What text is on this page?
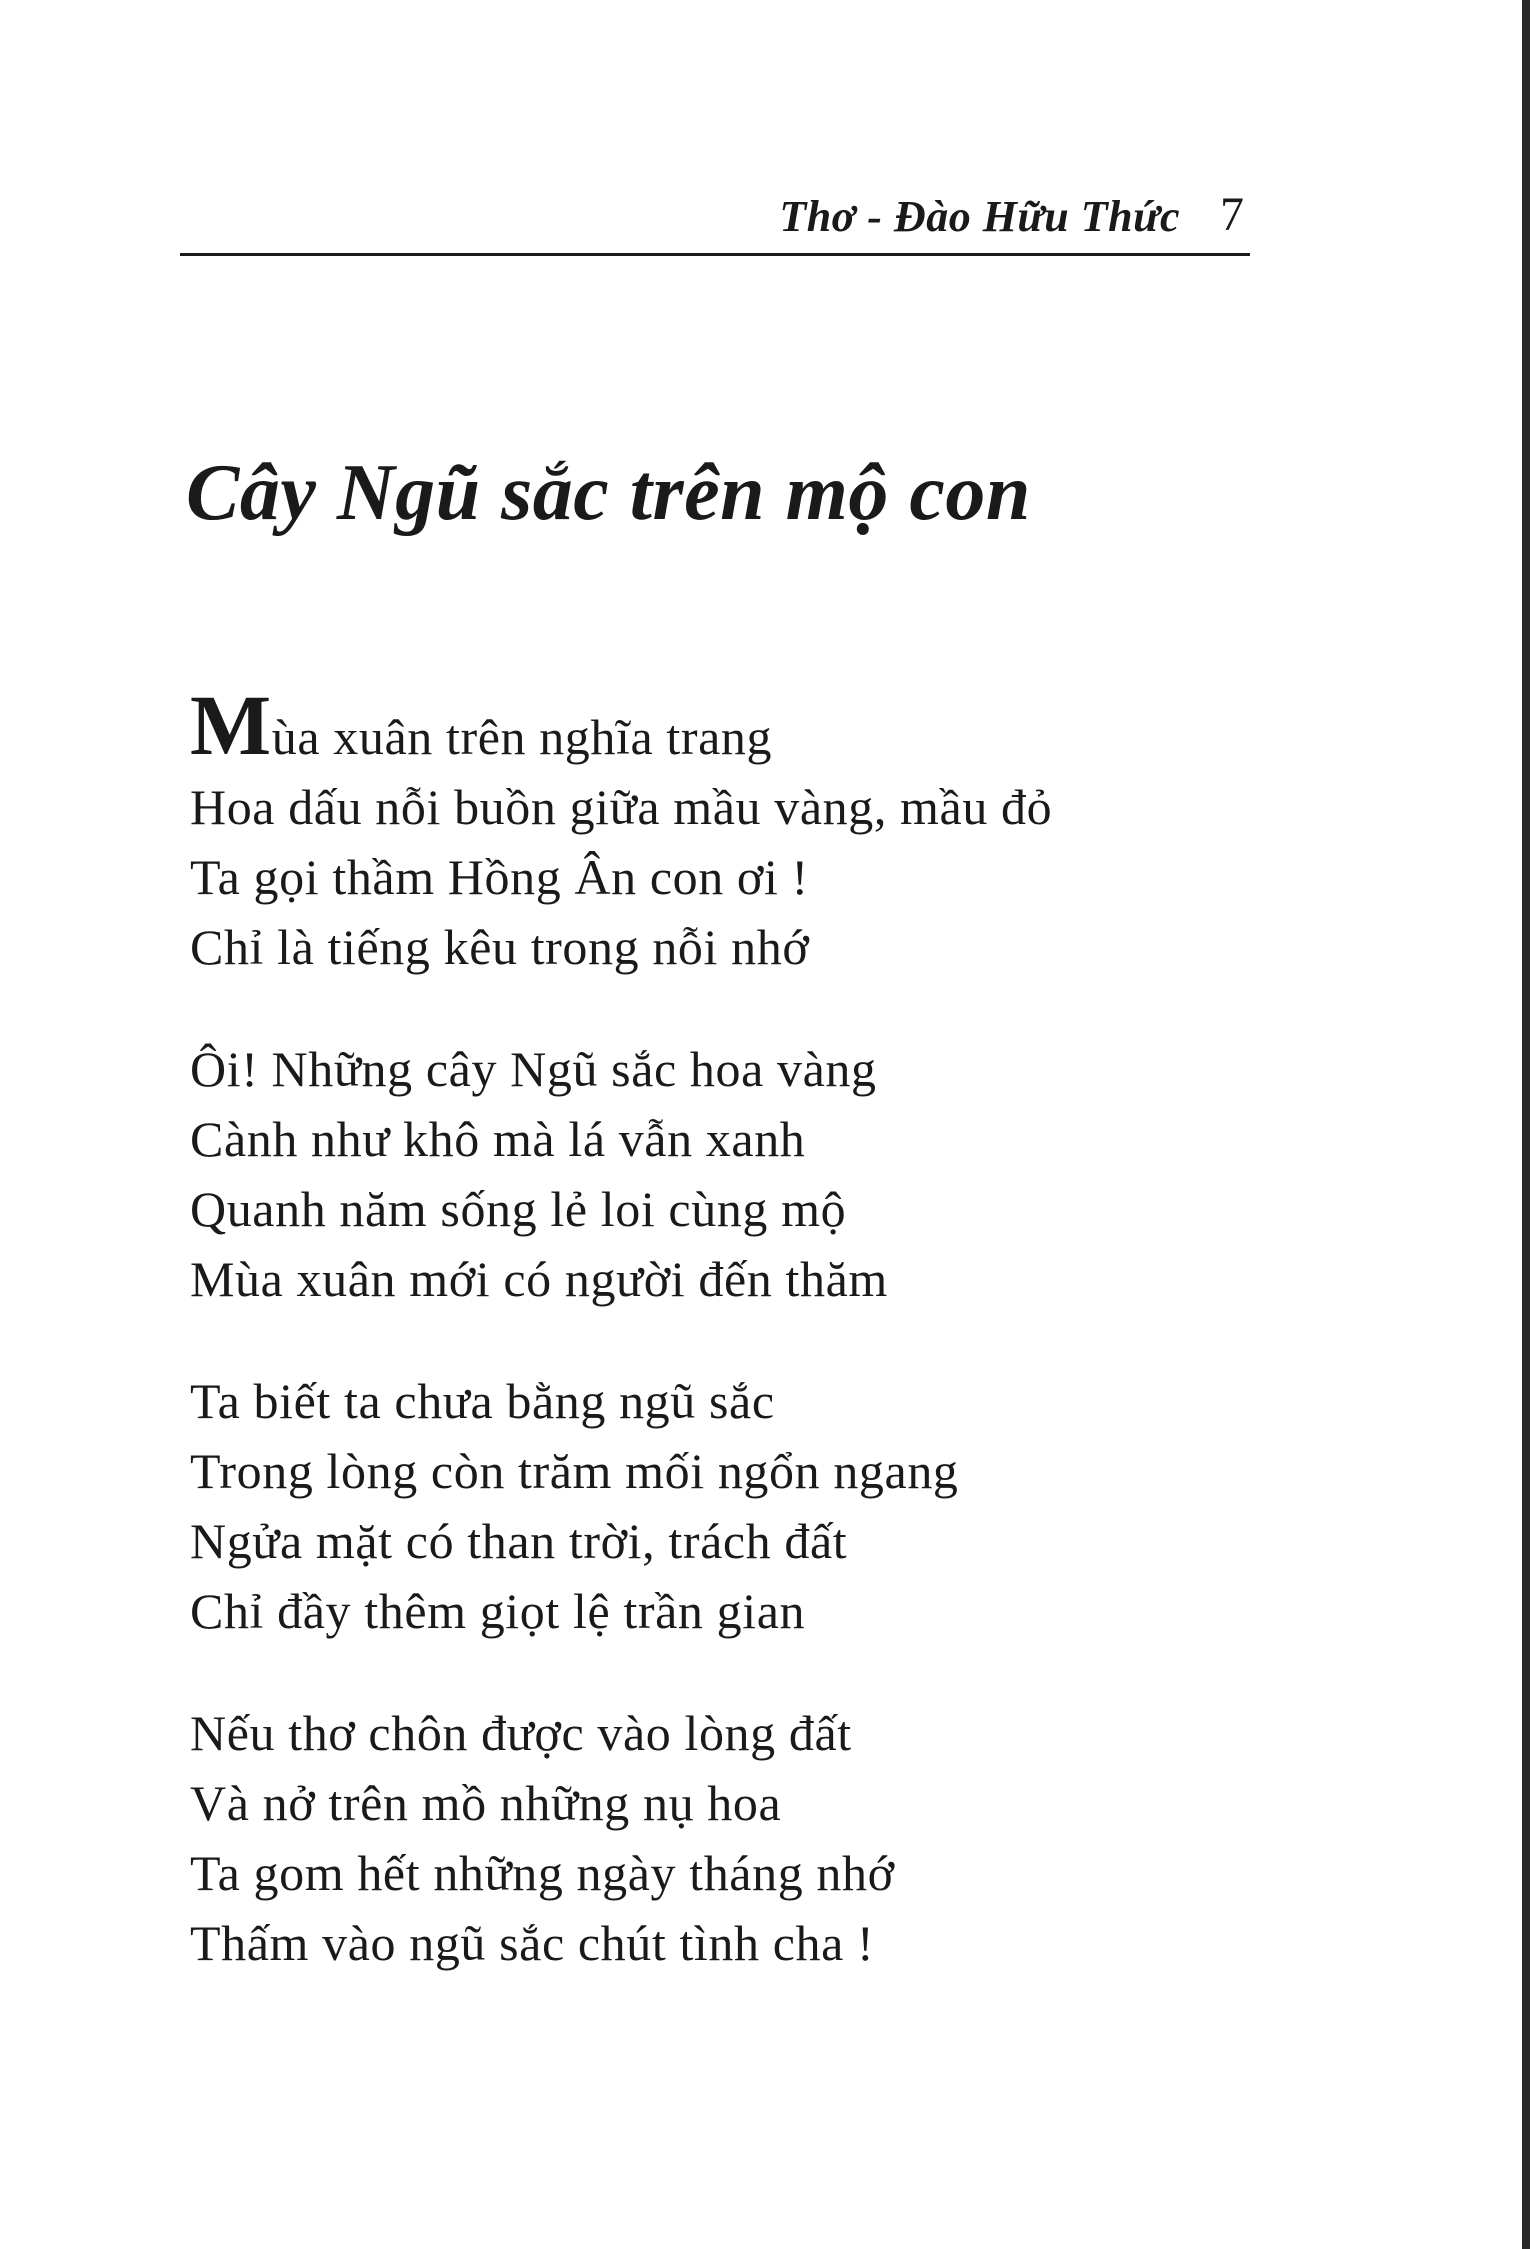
Thơ - Đào Hữu Thức 7
Cây Ngũ sắc trên mộ con
Mùa xuân trên nghĩa trang
Hoa dấu nỗi buồn giữa mầu vàng, mầu đỏ
Ta gọi thầm Hồng Ân con ơi !
Chỉ là tiếng kêu trong nỗi nhớ
Ôi! Những cây Ngũ sắc hoa vàng
Cành như khô mà lá vẫn xanh
Quanh năm sống lẻ loi cùng mộ
Mùa xuân mới có người đến thăm
Ta biết ta chưa bằng ngũ sắc
Trong lòng còn trăm mối ngổn ngang
Ngửa mặt có than trời, trách đất
Chỉ đầy thêm giọt lệ trần gian
Nếu thơ chôn được vào lòng đất
Và nở trên mồ những nụ hoa
Ta gom hết những ngày tháng nhớ
Thấm vào ngũ sắc chút tình cha !
